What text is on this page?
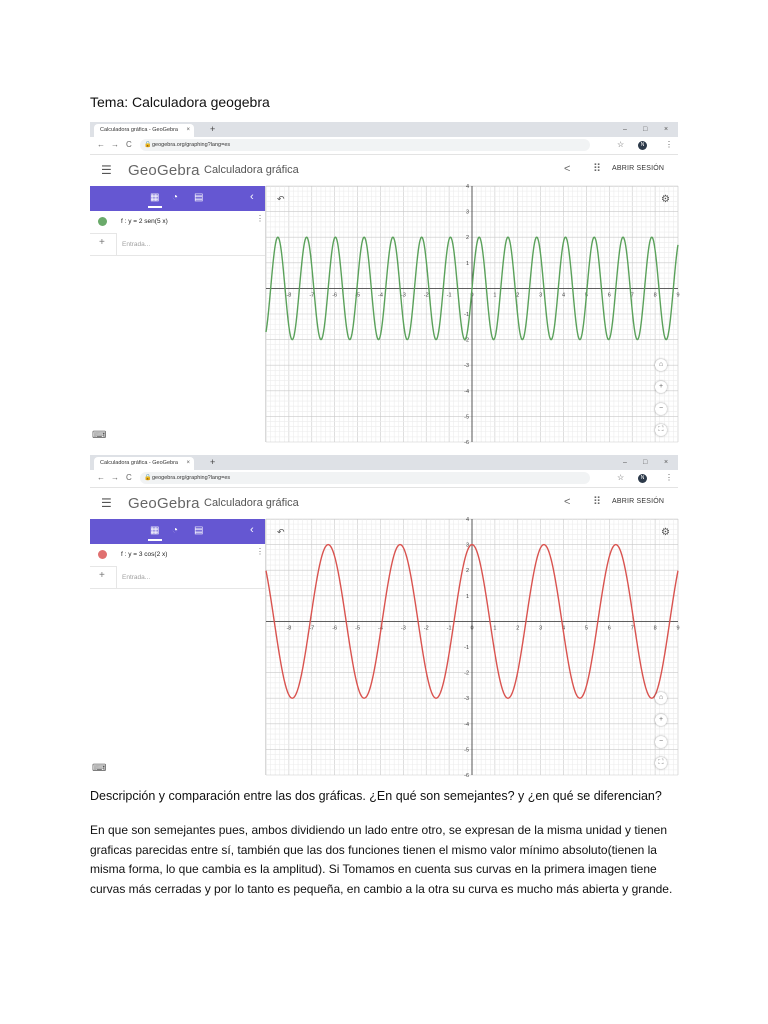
Tema: Calculadora geogebra
Calculadora gráfica - GeoGebra × +	– □ ×
← → C 🔒 geogebra.org/graphing?lang=es	☆	N	⋮
☰ GeoGebra Calculadora gráfica	< ⠿ ABRIR SESIÓN
▦ ◔ ▤	‹
f : y = 2 sen(5 x)	⋮
+
Entrada...
⌨
-8	-7	-6	-5	-4	-3	-2	-1	0	1	2	3	4	5	6	7	8	9
4
3
2
1
-1
-2
-3
-4
-5
-6
↶	⚙
⌂
+
−
⛶
Calculadora gráfica - GeoGebra × +	– □ ×
← → C 🔒 geogebra.org/graphing?lang=es	☆	N	⋮
☰ GeoGebra Calculadora gráfica	< ⠿ ABRIR SESIÓN
▦ ◔ ▤	‹
f : y = 3 cos(2 x)	⋮
+
Entrada...
⌨
-8	-7	-6	-5	-4	-3	-2	-1	0	1	2	3	4	5	6	7	8	9
4
3
2
1
-1
-2
-3
-4
-5
-6
↶	⚙
⌂
+
−
⛶
Descripción y comparación entre las dos gráficas. ¿En qué son semejantes? y ¿en qué se diferencian?
En que son semejantes pues, ambos dividiendo un lado entre otro, se expresan de la misma unidad y tienen graficas parecidas entre sí, también que las dos funciones tienen el mismo valor mínimo absoluto(tienen la misma forma, lo que cambia es la amplitud). Si Tomamos en cuenta sus curvas en la primera imagen tiene curvas más cerradas y por lo tanto es pequeña, en cambio a la otra su curva es mucho más abierta y grande.
